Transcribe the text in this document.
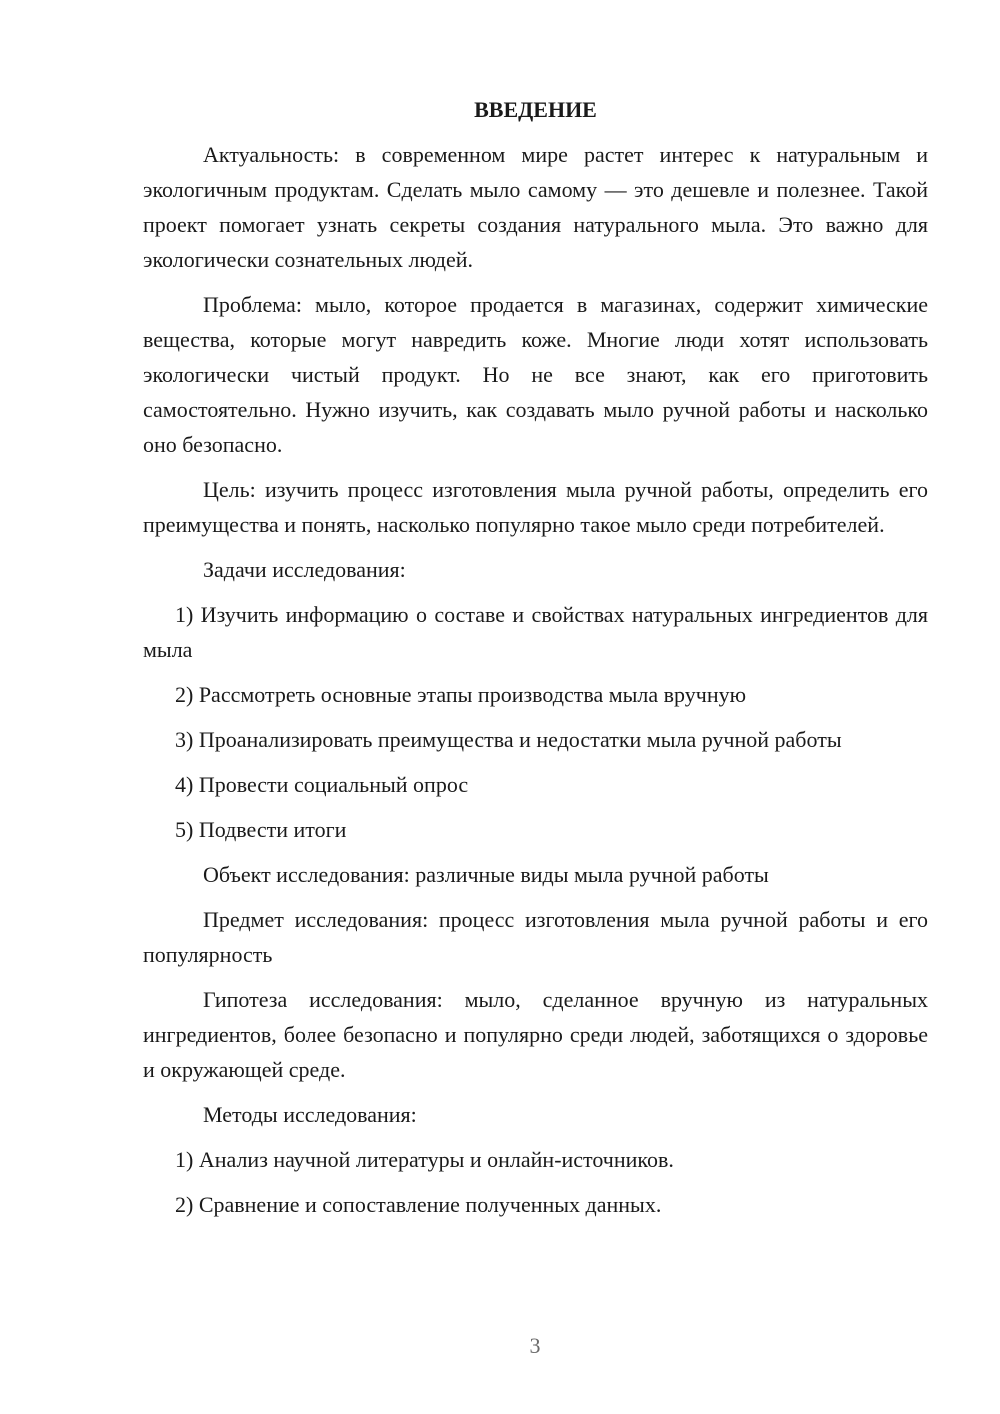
ВВЕДЕНИЕ

Актуальность: в современном мире растет интерес к натуральным и экологичным продуктам. Сделать мыло самому — это дешевле и полезнее. Такой проект помогает узнать секреты создания натурального мыла. Это важно для экологически сознательных людей.

Проблема: мыло, которое продается в магазинах, содержит химические вещества, которые могут навредить коже. Многие люди хотят использовать экологически чистый продукт. Но не все знают, как его приготовить самостоятельно. Нужно изучить, как создавать мыло ручной работы и насколько оно безопасно.

Цель: изучить процесс изготовления мыла ручной работы, определить его преимущества и понять, насколько популярно такое мыло среди потребителей.

Задачи исследования:

1) Изучить информацию о составе и свойствах натуральных ингредиентов для мыла

2) Рассмотреть основные этапы производства мыла вручную

3) Проанализировать преимущества и недостатки мыла ручной работы

4) Провести социальный опрос

5) Подвести итоги

Объект исследования: различные виды мыла ручной работы

Предмет исследования: процесс изготовления мыла ручной работы и его популярность

Гипотеза исследования: мыло, сделанное вручную из натуральных ингредиентов, более безопасно и популярно среди людей, заботящихся о здоровье и окружающей среде.

Методы исследования:

1) Анализ научной литературы и онлайн-источников.

2) Сравнение и сопоставление полученных данных.

3
